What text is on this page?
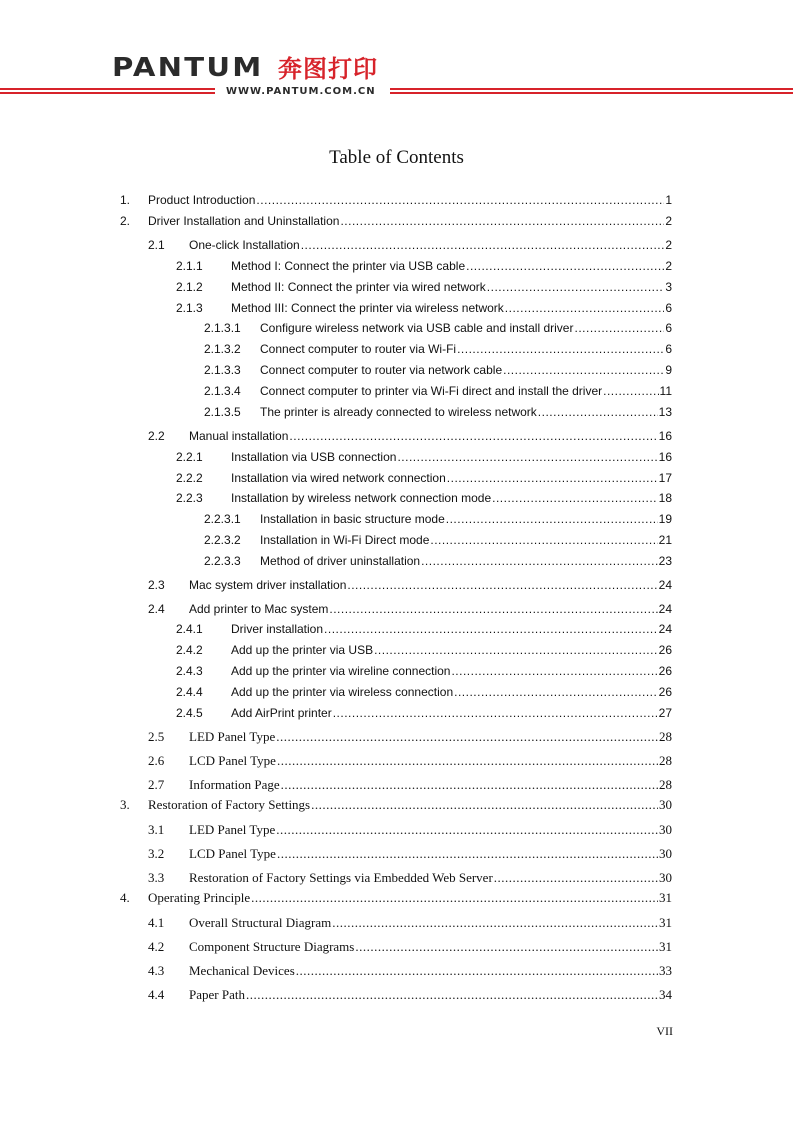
PANTUM 奔图打印
WWW.PANTUM.COM.CN
Table of Contents
1.	Product Introduction .....	1
2.	Driver Installation and Uninstallation .....	2
2.1	One-click Installation .....	2
2.1.1	Method I: Connect the printer via USB cable .....	2
2.1.2	Method II: Connect the printer via wired network .....	3
2.1.3	Method III: Connect the printer via wireless network .....	6
2.1.3.1	Configure wireless network via USB cable and install driver .....	6
2.1.3.2	Connect computer to router via Wi-Fi .....	6
2.1.3.3	Connect computer to router via network cable .....	9
2.1.3.4	Connect computer to printer via Wi-Fi direct and install the driver .....	11
2.1.3.5	The printer is already connected to wireless network .....	13
2.2	Manual installation .....	16
2.2.1	Installation via USB connection .....	16
2.2.2	Installation via wired network connection .....	17
2.2.3	Installation by wireless network connection mode .....	18
2.2.3.1	Installation in basic structure mode .....	19
2.2.3.2	Installation in Wi-Fi Direct mode .....	21
2.2.3.3	Method of driver uninstallation .....	23
2.3	Mac system driver installation .....	24
2.4	Add printer to Mac system .....	24
2.4.1	Driver installation .....	24
2.4.2	Add up the printer via USB .....	26
2.4.3	Add up the printer via wireline connection .....	26
2.4.4	Add up the printer via wireless connection .....	26
2.4.5	Add AirPrint printer .....	27
2.5	LED Panel Type .....	28
2.6	LCD Panel Type .....	28
2.7	Information Page .....	28
3.	Restoration of Factory Settings .....	30
3.1	LED Panel Type .....	30
3.2	LCD Panel Type .....	30
3.3	Restoration of Factory Settings via Embedded Web Server .....	30
4.	Operating Principle .....	31
4.1	Overall Structural Diagram .....	31
4.2	Component Structure Diagrams .....	31
4.3	Mechanical Devices .....	33
4.4	Paper Path .....	34
VII
